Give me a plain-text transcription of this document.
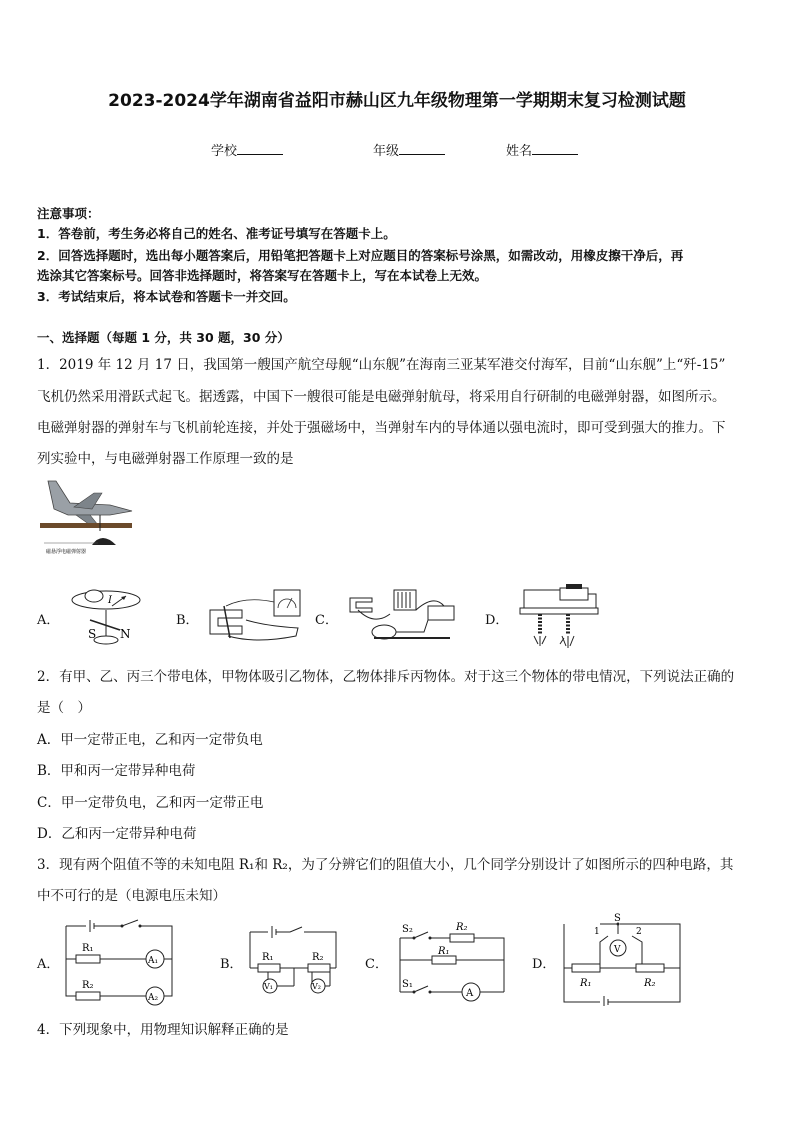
2023-2024学年湖南省益阳市赫山区九年级物理第一学期期末复习检测试题
学校	年级	姓名
注意事项：
1．答卷前，考生务必将自己的姓名、准考证号填写在答题卡上。
2．回答选择题时，选出每小题答案后，用铅笔把答题卡上对应题目的答案标号涂黑，如需改动，用橡皮擦干净后，再
选涂其它答案标号。回答非选择题时，将答案写在答题卡上，写在本试卷上无效。
3．考试结束后，将本试卷和答题卡一并交回。
一、选择题（每题 1 分，共 30 题，30 分）
1．2019 年 12 月 17 日，我国第一艘国产航空母舰“山东舰”在海南三亚某军港交付海军，目前“山东舰”上“歼-15”
飞机仍然采用滑跃式起飞。据透露，中国下一艘很可能是电磁弹射航母，将采用自行研制的电磁弹射器，如图所示。
电磁弹射器的弹射车与飞机前轮连接，并处于强磁场中，当弹射车内的导体通以强电流时，即可受到强大的推力。下
列实验中，与电磁弹射器工作原理一致的是
磁悬浮电磁弹射器
A．
I
S N
B．	C．	D．
2．有甲、乙、丙三个带电体，甲物体吸引乙物体，乙物体排斥丙物体。对于这三个物体的带电情况，下列说法正确的
是（　）
A．甲一定带正电，乙和丙一定带负电
B．甲和丙一定带异种电荷
C．甲一定带负电，乙和丙一定带正电
D．乙和丙一定带异种电荷
3．现有两个阻值不等的未知电阻 R₁和 R₂，为了分辨它们的阻值大小，几个同学分别设计了如图所示的四种电路，其
中不可行的是（电源电压未知）
A．
R₁
R₂
A₁
A₂
B． R₁	R₂
V₁	V₂
C．
S₂
S₁
R₂
R₁
A
D．
S
1	2
V
R₁	R₂
4．下列现象中，用物理知识解释正确的是
